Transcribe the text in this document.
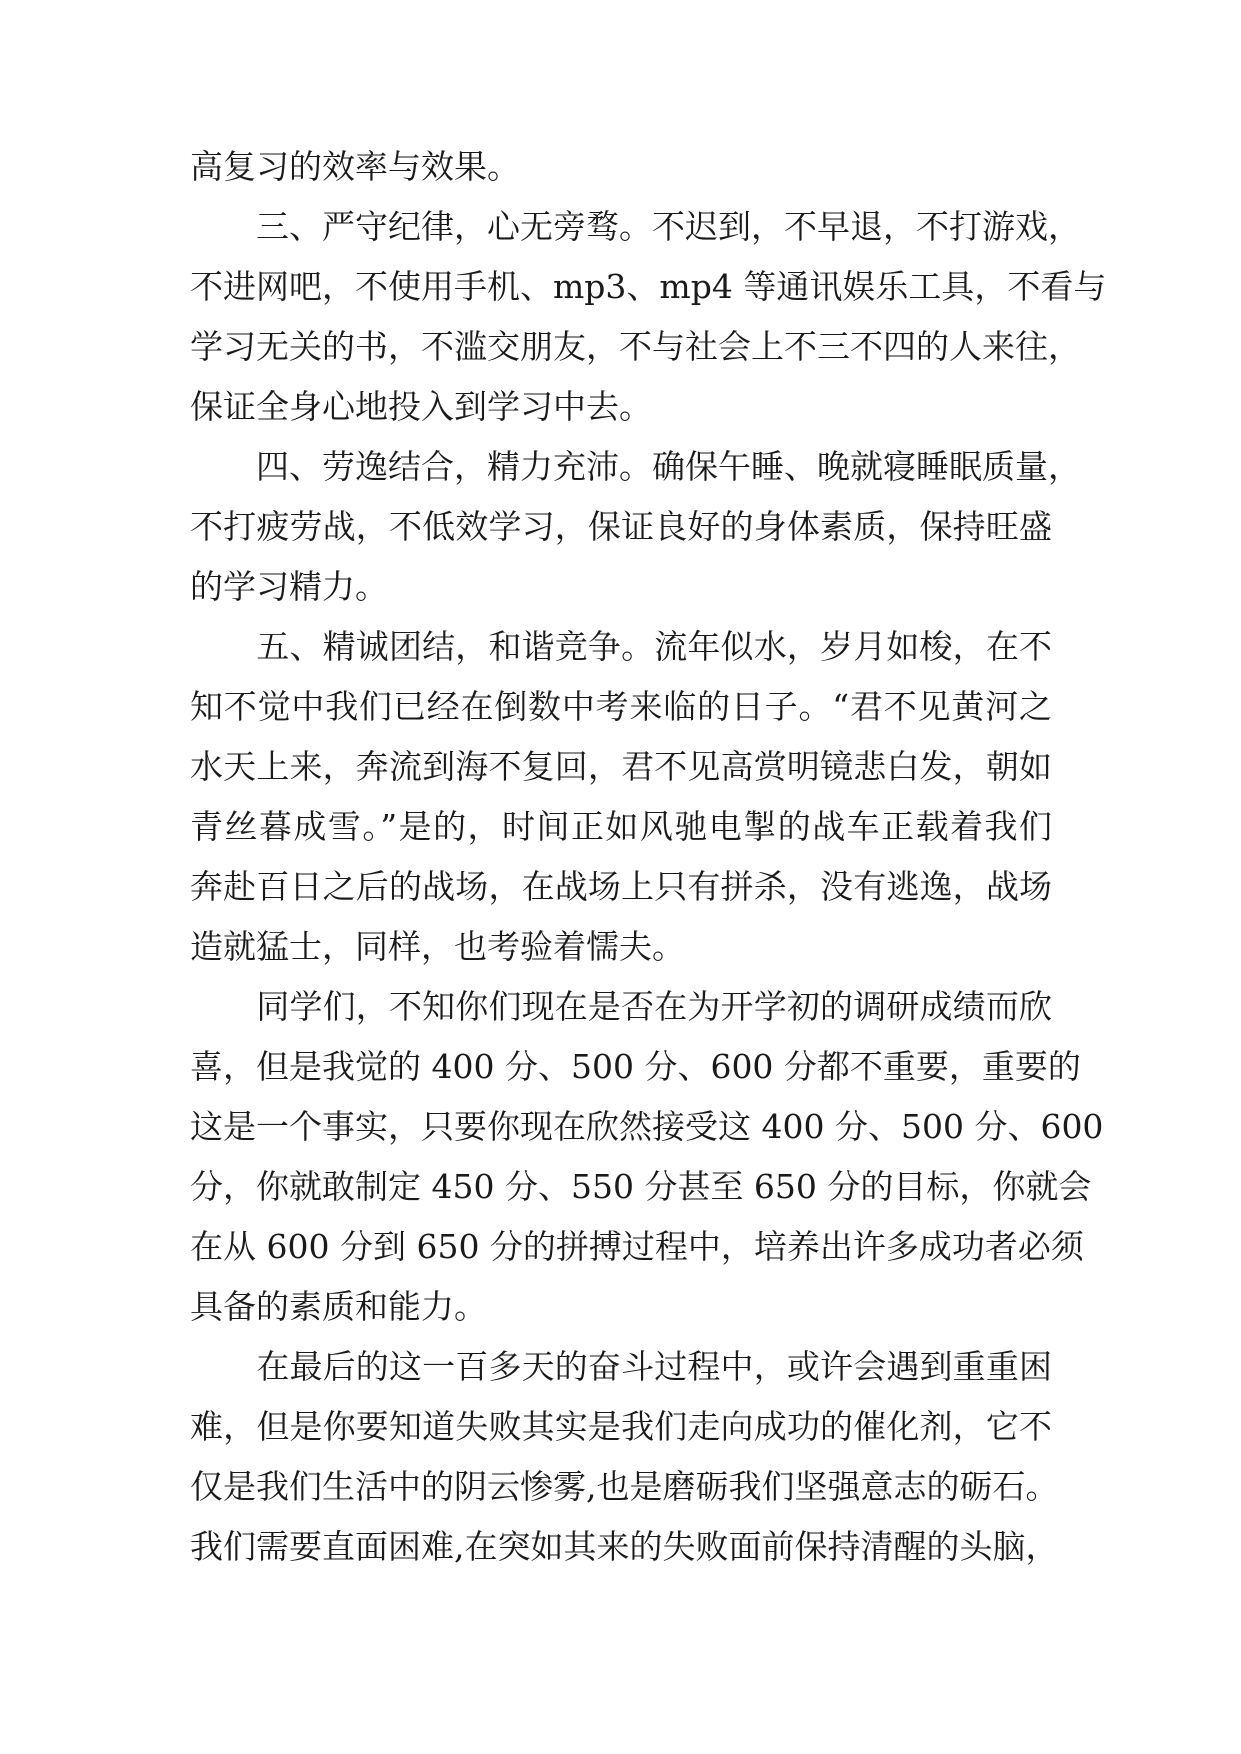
高复习的效率与效果。
　　三、严守纪律，心无旁骛。不迟到，不早退，不打游戏，
不进网吧，不使用手机、mp3、mp4 等通讯娱乐工具，不看与
学习无关的书，不滥交朋友，不与社会上不三不四的人来往，
保证全身心地投入到学习中去。
　　四、劳逸结合，精力充沛。确保午睡、晚就寝睡眠质量，
不打疲劳战，不低效学习，保证良好的身体素质，保持旺盛
的学习精力。
　　五、精诚团结，和谐竞争。流年似水，岁月如梭，在不
知不觉中我们已经在倒数中考来临的日子。“君不见黄河之
水天上来，奔流到海不复回，君不见高赏明镜悲白发，朝如
青丝暮成雪。”是的，时间正如风驰电掣的战车正载着我们
奔赴百日之后的战场，在战场上只有拼杀，没有逃逸，战场
造就猛士，同样，也考验着懦夫。
　　同学们，不知你们现在是否在为开学初的调研成绩而欣
喜，但是我觉的 400 分、500 分、600 分都不重要，重要的
这是一个事实，只要你现在欣然接受这 400 分、500 分、600
分，你就敢制定 450 分、550 分甚至 650 分的目标，你就会
在从 600 分到 650 分的拼搏过程中，培养出许多成功者必须
具备的素质和能力。
　　在最后的这一百多天的奋斗过程中，或许会遇到重重困
难，但是你要知道失败其实是我们走向成功的催化剂，它不
仅是我们生活中的阴云惨雾,也是磨砺我们坚强意志的砺石。
我们需要直面困难,在突如其来的失败面前保持清醒的头脑，
